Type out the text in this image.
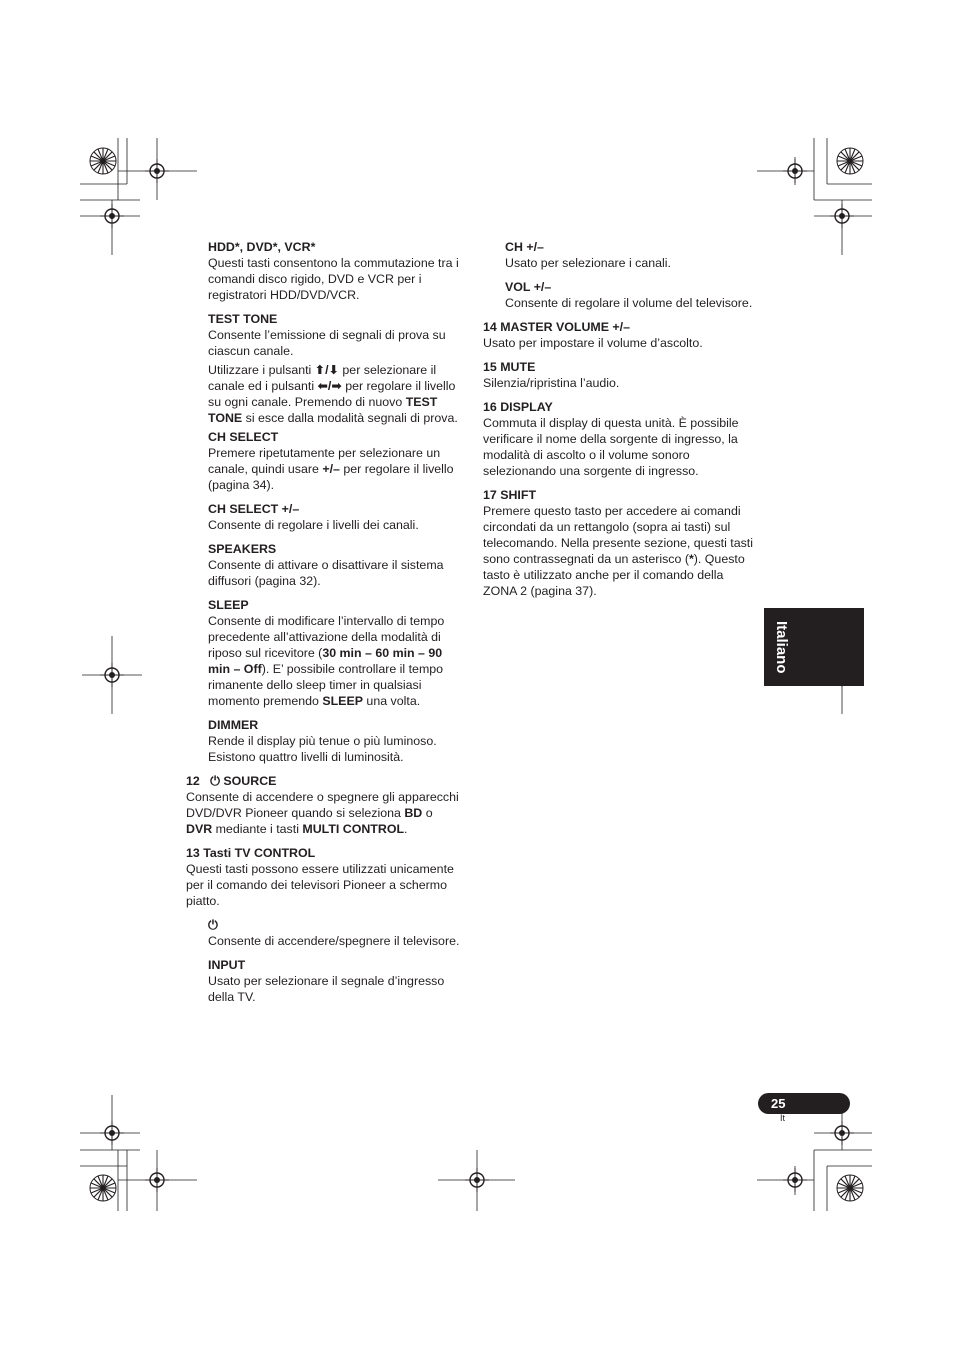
HDD*, DVD*, VCR*

Questi tasti consentono la commutazione tra i comandi disco rigido, DVD e VCR per i registratori HDD/DVD/VCR.

TEST TONE

Consente l’emissione di segnali di prova su ciascun canale.

Utilizzare i pulsanti ⬆/⬇ per selezionare il canale ed i pulsanti ⬅/➡ per regolare il livello su ogni canale. Premendo di nuovo TEST TONE si esce dalla modalità segnali di prova.

CH SELECT

Premere ripetutamente per selezionare un canale, quindi usare +/– per regolare il livello (pagina 34).

CH SELECT +/–

Consente di regolare i livelli dei canali.

SPEAKERS

Consente di attivare o disattivare il sistema diffusori (pagina 32).

SLEEP

Consente di modificare l’intervallo di tempo precedente all’attivazione della modalità di riposo sul ricevitore (30 min – 60 min – 90 min – Off). E’ possibile controllare il tempo rimanente dello sleep timer in qualsiasi momento premendo SLEEP una volta.

DIMMER

Rende il display più tenue o più luminoso. Esistono quattro livelli di luminosità.

12 ⏻ SOURCE

Consente di accendere o spegnere gli apparecchi DVD/DVR Pioneer quando si seleziona BD o DVR mediante i tasti MULTI CONTROL.

13 Tasti TV CONTROL

Questi tasti possono essere utilizzati unicamente per il comando dei televisori Pioneer a schermo piatto.

⏻

Consente di accendere/spegnere il televisore.

INPUT

Usato per selezionare il segnale d’ingresso della TV.

CH +/–

Usato per selezionare i canali.

VOL +/–

Consente di regolare il volume del televisore.

14 MASTER VOLUME +/–

Usato per impostare il volume d’ascolto.

15 MUTE

Silenzia/ripristina l’audio.

16 DISPLAY

Commuta il display di questa unità. È possibile verificare il nome della sorgente di ingresso, la modalità di ascolto o il volume sonoro selezionando una sorgente di ingresso.

17 SHIFT

Premere questo tasto per accedere ai comandi circondati da un rettangolo (sopra ai tasti) sul telecomando. Nella presente sezione, questi tasti sono contrassegnati da un asterisco (*). Questo tasto è utilizzato anche per il comando della ZONA 2 (pagina 37).

Italiano
25
It
